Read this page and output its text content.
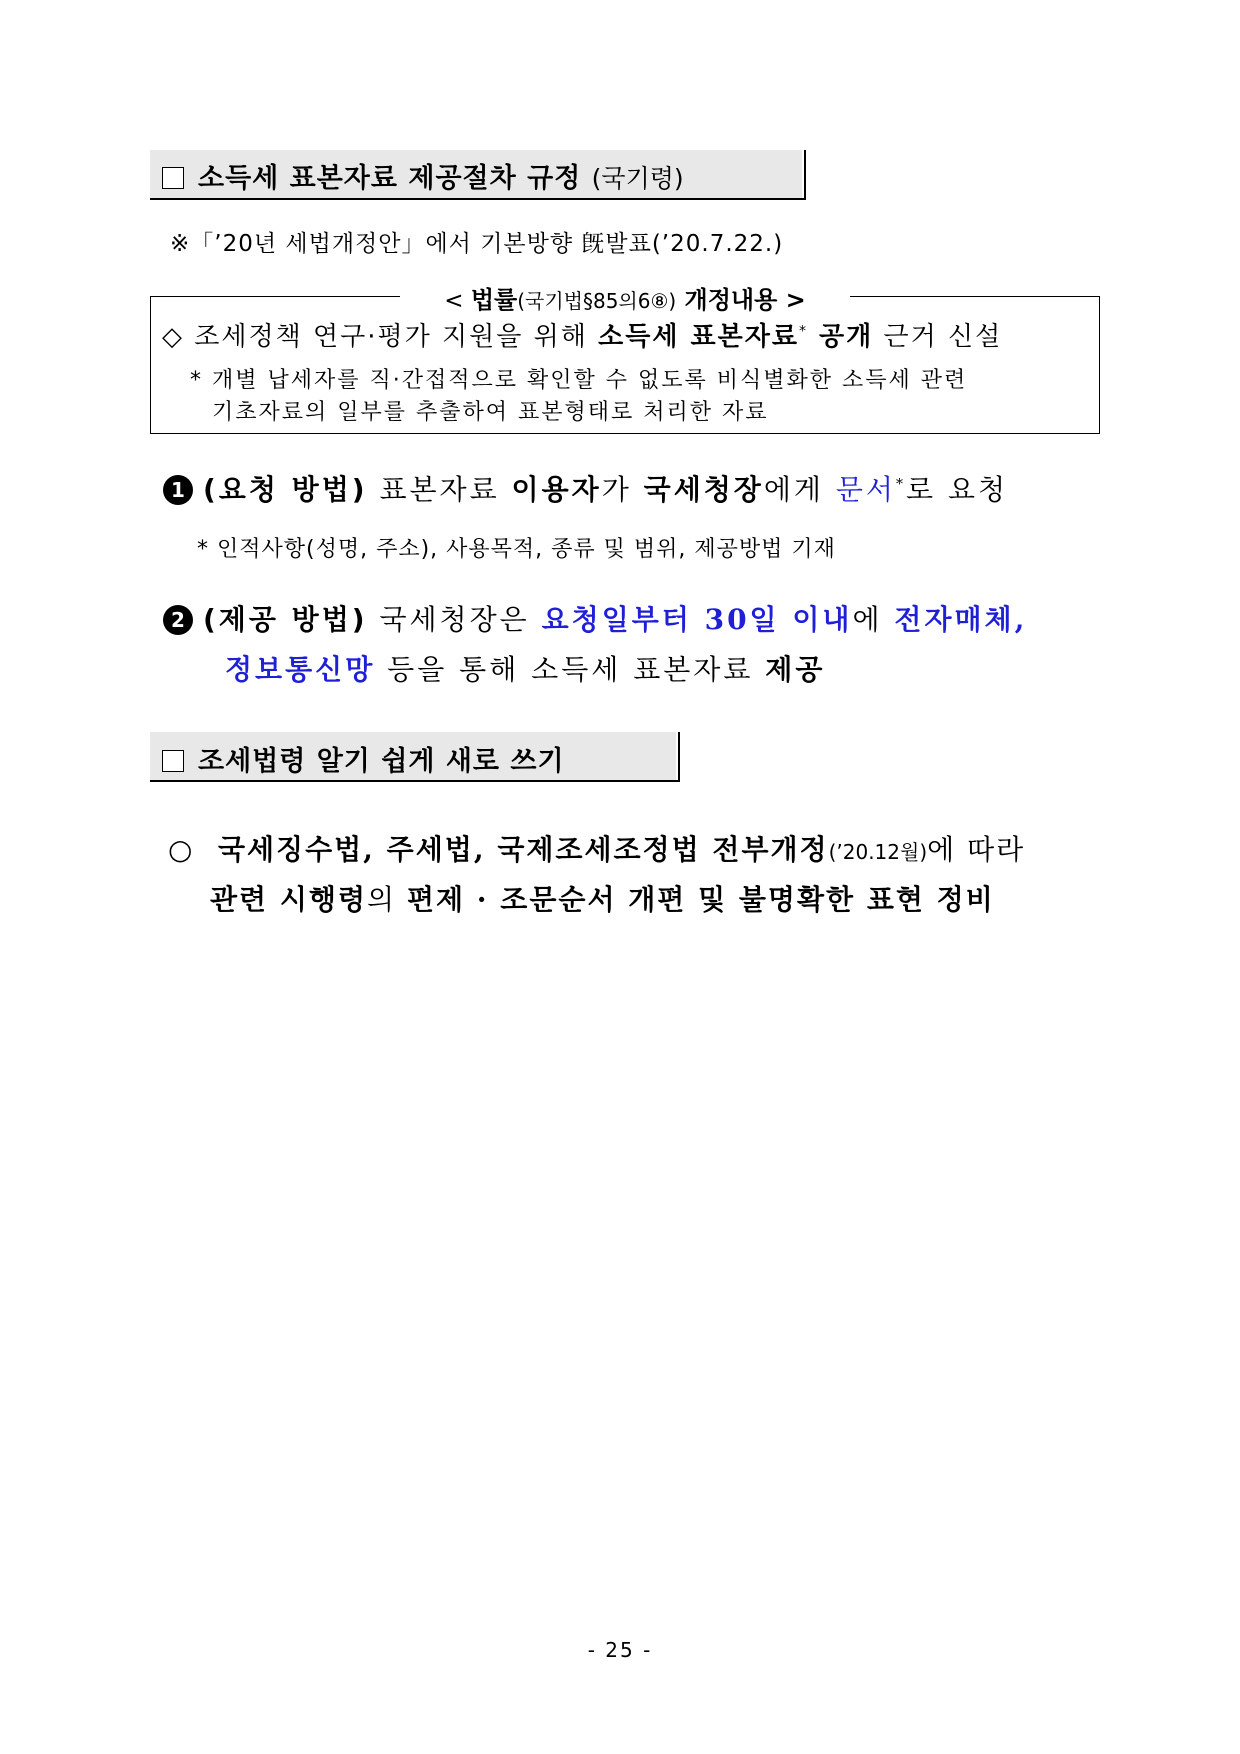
소득세 표본자료 제공절차 규정 (국기령)
※「’20년 세법개정안」에서 기본방향 旣발표(’20.7.22.)
< 법률(국기법§85의6⑧) 개정내용 >
◇ 조세정책 연구·평가 지원을 위해 소득세 표본자료* 공개 근거 신설
* 개별 납세자를 직·간접적으로 확인할 수 없도록 비식별화한 소득세 관련
기초자료의 일부를 추출하여 표본형태로 처리한 자료
1 (요청 방법) 표본자료 이용자가 국세청장에게 문서*로 요청
* 인적사항(성명, 주소), 사용목적, 종류 및 범위, 제공방법 기재
2 (제공 방법) 국세청장은 요청일부터 30일 이내에 전자매체,
정보통신망 등을 통해 소득세 표본자료 제공
조세법령 알기 쉽게 새로 쓰기
○ 국세징수법, 주세법, 국제조세조정법 전부개정(’20.12월)에 따라
관련 시행령의 편제 · 조문순서 개편 및 불명확한 표현 정비
- 25 -
